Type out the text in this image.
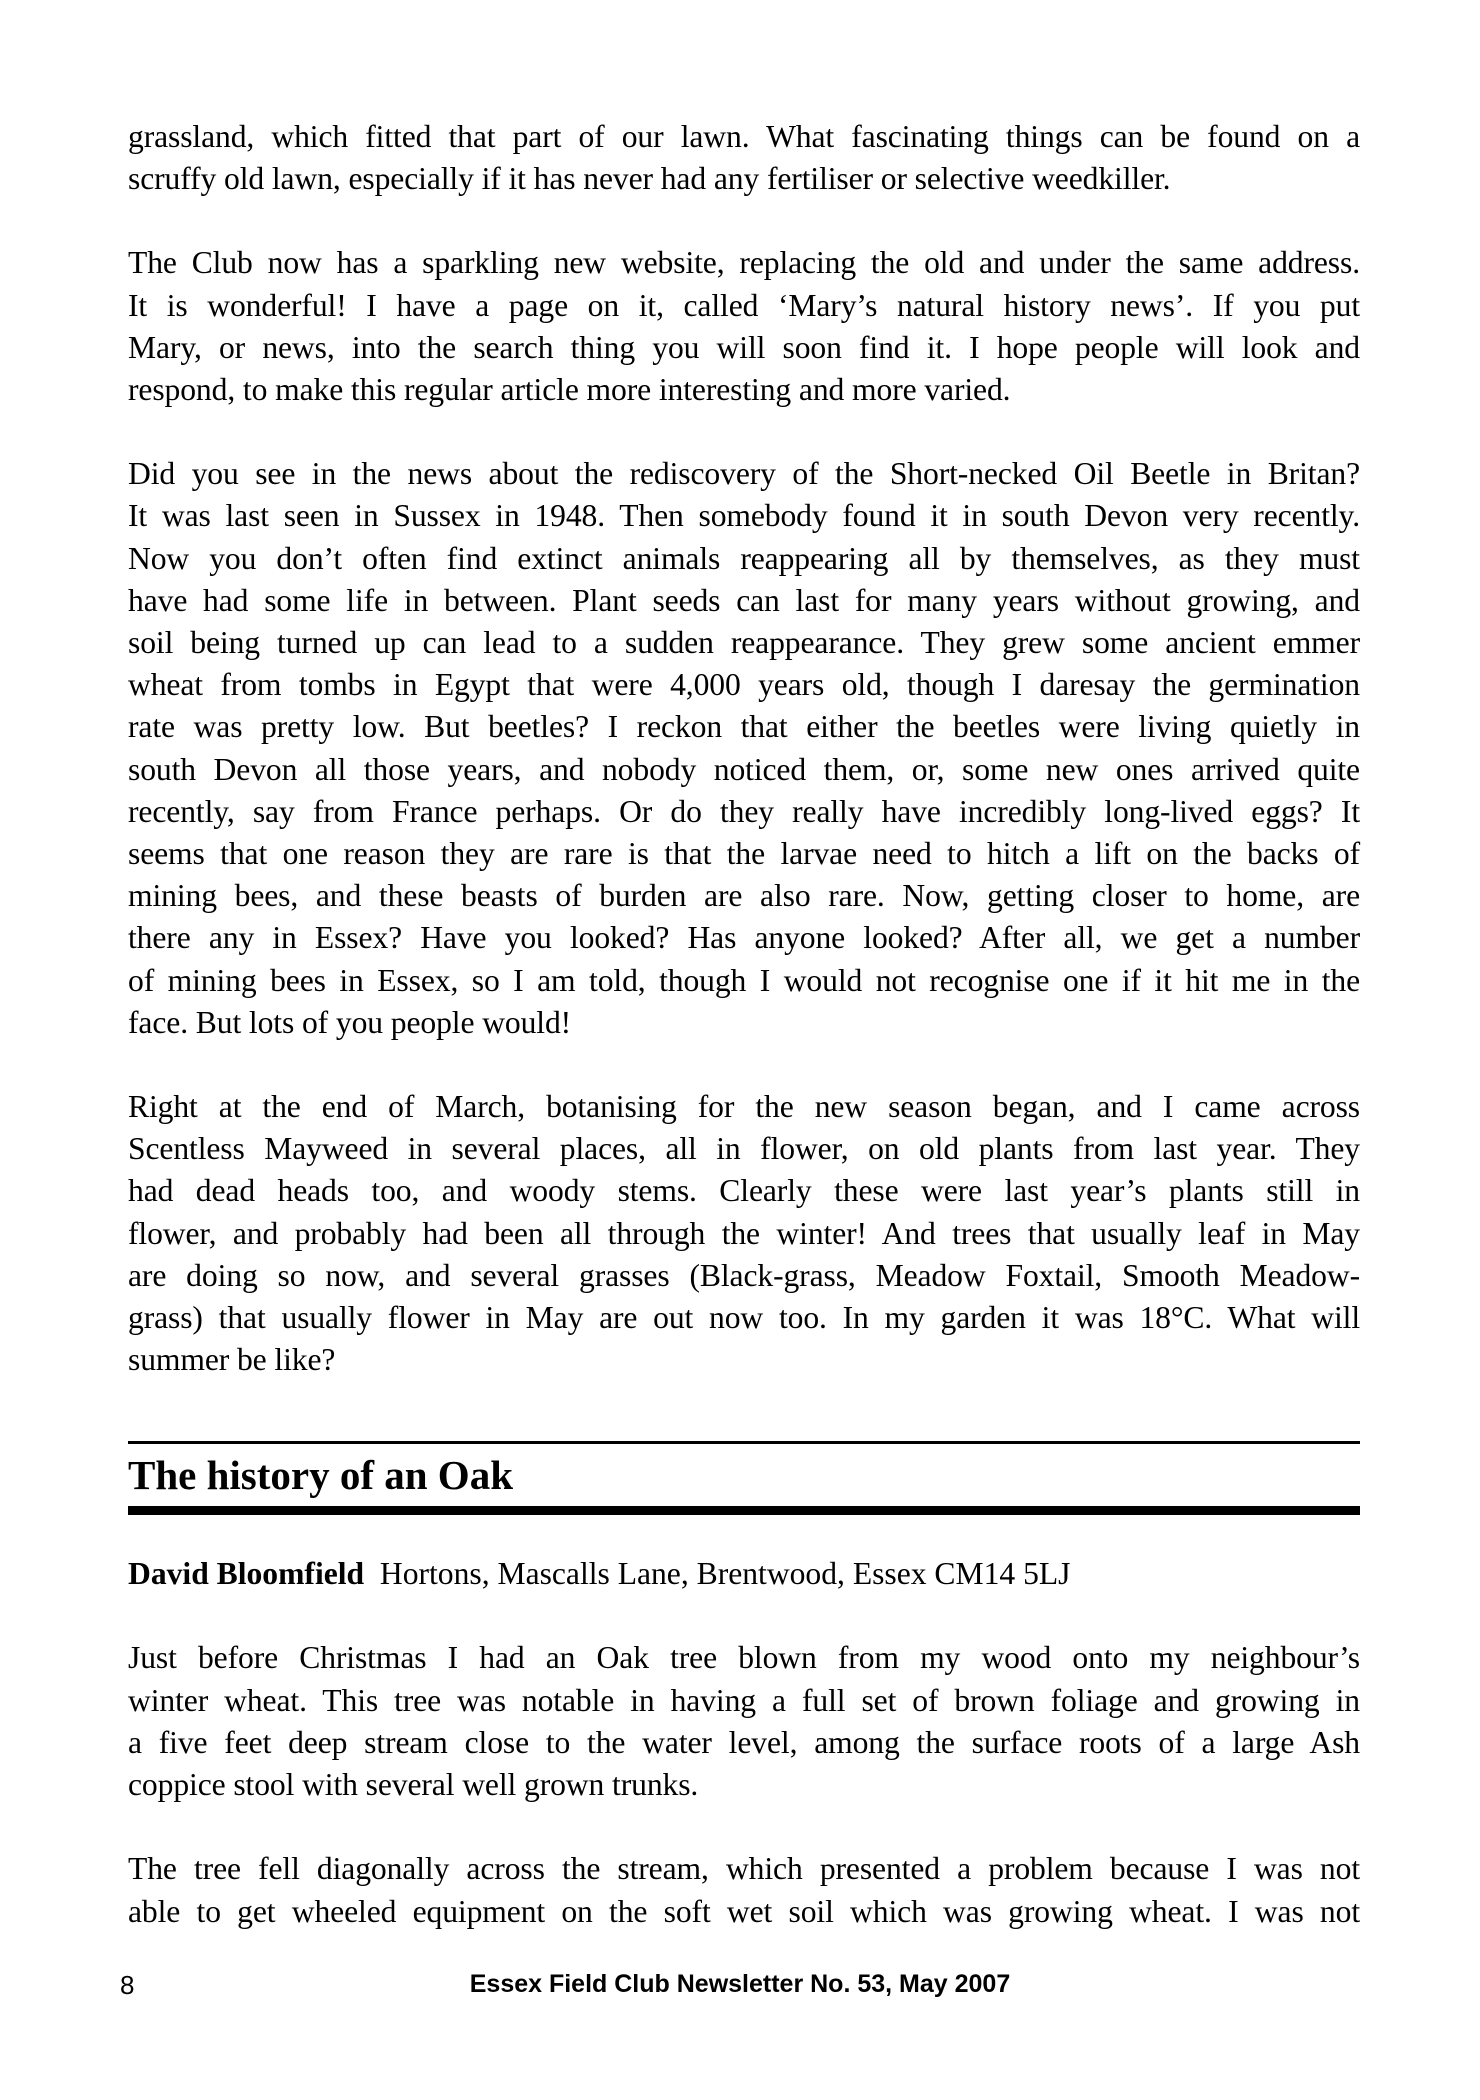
grassland, which fitted that part of our lawn. What fascinating things can be found on a
scruffy old lawn, especially if it has never had any fertiliser or selective weedkiller.
The Club now has a sparkling new website, replacing the old and under the same address.
It is wonderful! I have a page on it, called ‘Mary’s natural history news’. If you put
Mary, or news, into the search thing you will soon find it. I hope people will look and
respond, to make this regular article more interesting and more varied.
Did you see in the news about the rediscovery of the Short-necked Oil Beetle in Britan?
It was last seen in Sussex in 1948. Then somebody found it in south Devon very recently.
Now you don’t often find extinct animals reappearing all by themselves, as they must
have had some life in between. Plant seeds can last for many years without growing, and
soil being turned up can lead to a sudden reappearance. They grew some ancient emmer
wheat from tombs in Egypt that were 4,000 years old, though I daresay the germination
rate was pretty low. But beetles? I reckon that either the beetles were living quietly in
south Devon all those years, and nobody noticed them, or, some new ones arrived quite
recently, say from France perhaps. Or do they really have incredibly long-lived eggs? It
seems that one reason they are rare is that the larvae need to hitch a lift on the backs of
mining bees, and these beasts of burden are also rare. Now, getting closer to home, are
there any in Essex? Have you looked? Has anyone looked? After all, we get a number
of mining bees in Essex, so I am told, though I would not recognise one if it hit me in the
face. But lots of you people would!
Right at the end of March, botanising for the new season began, and I came across
Scentless Mayweed in several places, all in flower, on old plants from last year. They
had dead heads too, and woody stems. Clearly these were last year’s plants still in
flower, and probably had been all through the winter! And trees that usually leaf in May
are doing so now, and several grasses (Black-grass, Meadow Foxtail, Smooth Meadow-
grass) that usually flower in May are out now too. In my garden it was 18°C. What will
summer be like?
The history of an Oak
David Bloomfield Hortons, Mascalls Lane, Brentwood, Essex CM14 5LJ
Just before Christmas I had an Oak tree blown from my wood onto my neighbour’s
winter wheat. This tree was notable in having a full set of brown foliage and growing in
a five feet deep stream close to the water level, among the surface roots of a large Ash
coppice stool with several well grown trunks.
The tree fell diagonally across the stream, which presented a problem because I was not
able to get wheeled equipment on the soft wet soil which was growing wheat. I was not
8	Essex Field Club Newsletter No. 53, May 2007
